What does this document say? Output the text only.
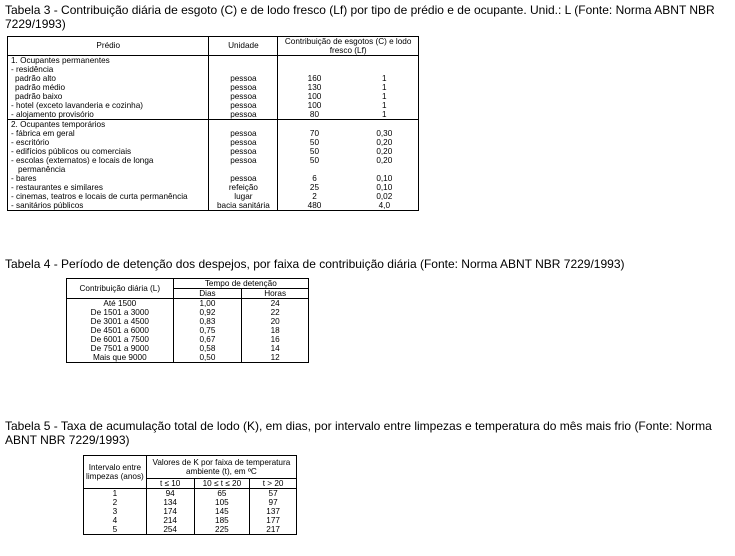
Tabela 3 - Contribuição diária de esgoto (C) e de lodo fresco (Lf) por tipo de prédio e de ocupante. Unid.: L (Fonte: Norma ABNT NBR 7229/1993)
Prédio	Unidade	Contribuição de esgotos (C) e lodo fresco (Lf)	

1. Ocupantes permanentes			
- residência			
padrão alto	pessoa	160	1
padrão médio	pessoa	130	1
padrão baixo	pessoa	100	1
- hotel (exceto lavanderia e cozinha)	pessoa	100	1
- alojamento provisório	pessoa	80	1
2. Ocupantes temporários			
- fábrica em geral	pessoa	70	0,30
- escritório	pessoa	50	0,20
- edifícios públicos ou comerciais	pessoa	50	0,20
- escolas (externatos) e locais de longa	pessoa	50	0,20
permanência			
- bares	pessoa	6	0,10
- restaurantes e similares	refeição	25	0,10
- cinemas, teatros e locais de curta permanência	lugar	2	0,02
- sanitários públicos	bacia sanitária	480	4,0
Tabela 4 - Período de detenção dos despejos, por faixa de contribuição diária (Fonte: Norma ABNT NBR 7229/1993)
Contribuição diária (L)	Tempo de detenção	
	Dias	Horas
Até 1500	1,00	24
De 1501 a 3000	0,92	22
De 3001 a 4500	0,83	20
De 4501 a 6000	0,75	18
De 6001 a 7500	0,67	16
De 7501 a 9000	0,58	14
Mais que 9000	0,50	12
Tabela 5 - Taxa de acumulação total de lodo (K), em dias, por intervalo entre limpezas e temperatura do mês mais frio (Fonte: Norma ABNT NBR 7229/1993)
Intervalo entre limpezas (anos)	Valores de K por faixa de temperatura ambiente (t), em ºC		
	t ≤ 10	10 ≤ t ≤ 20	t > 20
1	94	65	57
2	134	105	97
3	174	145	137
4	214	185	177
5	254	225	217
